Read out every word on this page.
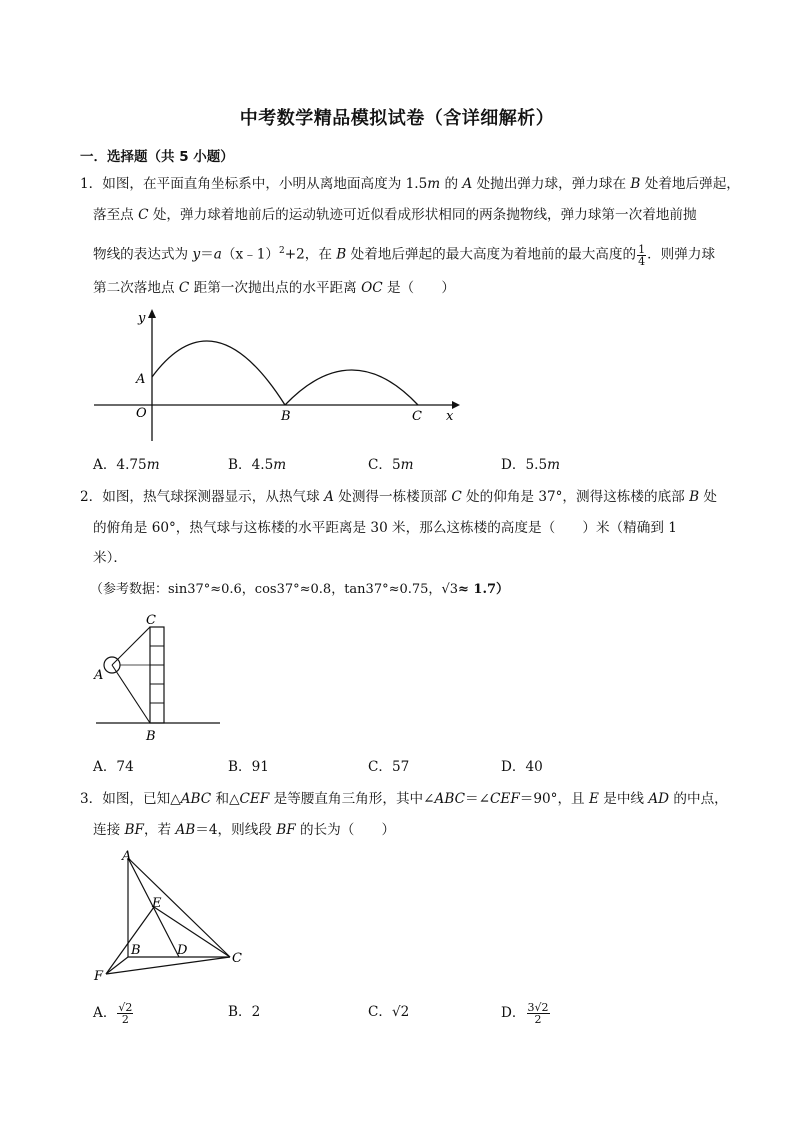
中考数学精品模拟试卷（含详细解析）
一．选择题（共 5 小题）
1．如图，在平面直角坐标系中，小明从离地面高度为 1.5m 的 A 处抛出弹力球，弹力球在 B 处着地后弹起，
落至点 C 处，弹力球着地前后的运动轨迹可近似看成形状相同的两条抛物线，弹力球第一次着地前抛
物线的表达式为 y＝a（x﹣1）$^2$+2，在 B 处着地后弹起的最大高度为着地前的最大高度的 $\frac{1}{4}$ ．则弹力球
第二次落地点 C 距第一次抛出点的水平距离 OC 是（　　）
y
x
O
A
B	C
A．4.75m	B．4.5m	C．5m	D．5.5m
2．如图，热气球探测器显示，从热气球 A 处测得一栋楼顶部 C 处的仰角是 37°，测得这栋楼的底部 B 处
的俯角是 60°，热气球与这栋楼的水平距离是 30 米，那么这栋楼的高度是（　　）米（精确到 1
米）．
（参考数据：sin37°≈0.6，cos37°≈0.8，tan37°≈0.75，√3≈ 1.7）
A
B
C
A．74	B．91	C．57	D．40
3．如图，已知△ABC 和△CEF 是等腰直角三角形，其中∠ABC＝∠CEF＝90°，且 E 是中线 AD 的中点，
连接 BF，若 AB＝4，则线段 BF 的长为（　　）
A
E
B	D
C
F
A． $\frac{√2}{2}$	B．2	C．√2	D． $\frac{3√2}{2}$
